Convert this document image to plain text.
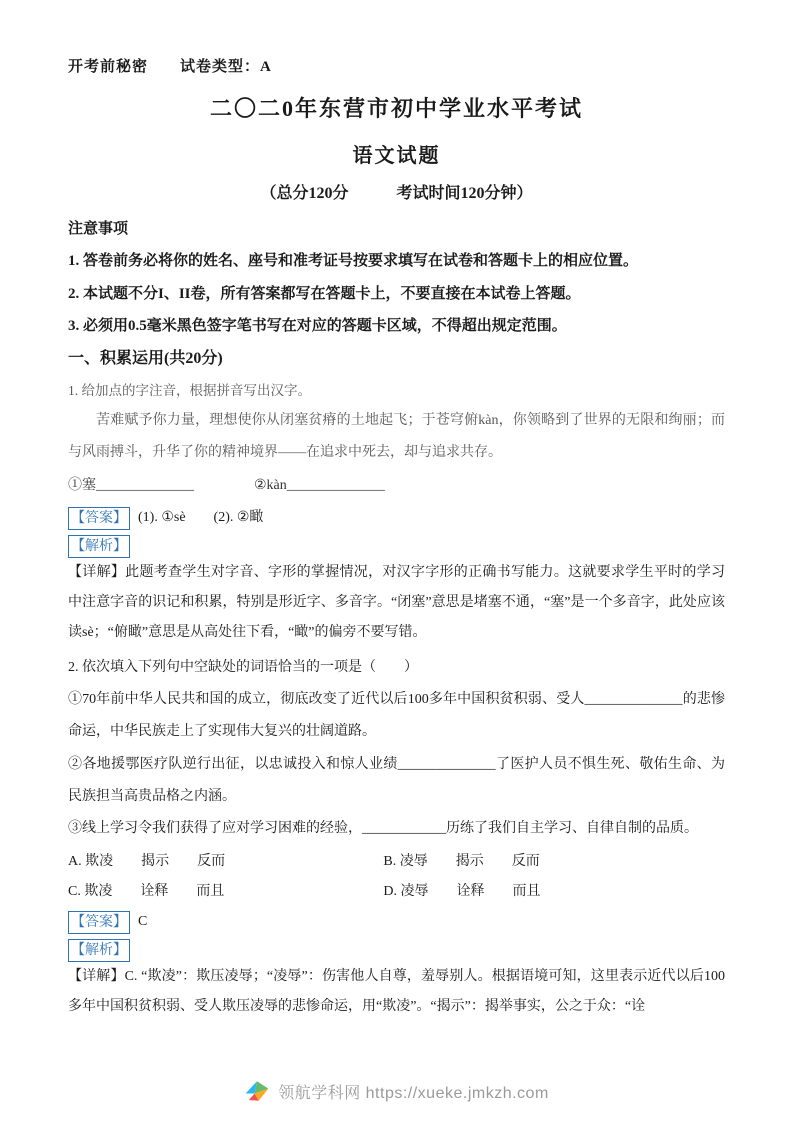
开考前秘密　　试卷类型：A
二〇二0年东营市初中学业水平考试
语文试题
（总分120分　　　考试时间120分钟）
注意事项

1. 答卷前务必将你的姓名、座号和准考证号按要求填写在试卷和答题卡上的相应位置。

2. 本试题不分I、II卷，所有答案都写在答题卡上，不要直接在本试卷上答题。

3. 必须用0.5毫米黑色签字笔书写在对应的答题卡区域，不得超出规定范围。

一、积累运用(共20分)
1. 给加点的字注音，根据拼音写出汉字。

苦难赋予你力量，理想使你从闭塞贫瘠的土地起飞；于苍穹俯kàn，你领略到了世界的无限和绚丽；而与风雨搏斗，升华了你的精神境界——在追求中死去，却与追求共存。

①塞______________	②kàn______________
【答案】 (1). ①sè　　(2). ②瞰
【解析】

【详解】此题考查学生对字音、字形的掌握情况，对汉字字形的正确书写能力。这就要求学生平时的学习中注意字音的识记和积累，特别是形近字、多音字。“闭塞”意思是堵塞不通，“塞”是一个多音字，此处应该读sè；“俯瞰”意思是从高处往下看，“瞰”的偏旁不要写错。

2. 依次填入下列句中空缺处的词语恰当的一项是（　　）

①70年前中华人民共和国的成立，彻底改变了近代以后100多年中国积贫积弱、受人______________的悲惨命运，中华民族走上了实现伟大复兴的壮阔道路。

②各地援鄂医疗队逆行出征，以忠诚投入和惊人业绩______________了医护人员不惧生死、敬佑生命、为民族担当高贵品格之内涵。

③线上学习令我们获得了应对学习困难的经验，____________历练了我们自主学习、自律自制的品质。

A. 欺凌　　揭示　　反而	B. 凌辱　　揭示　　反而
C. 欺凌　　诠释　　而且	D. 凌辱　　诠释　　而且
【答案】 C
【解析】

【详解】C. “欺凌”：欺压凌辱；“凌辱”：伤害他人自尊，羞辱别人。根据语境可知，这里表示近代以后100多年中国积贫积弱、受人欺压凌辱的悲惨命运，用“欺凌”。“揭示”：揭举事实，公之于众：“诠

领航学科网 https://xueke.jmkzh.com
